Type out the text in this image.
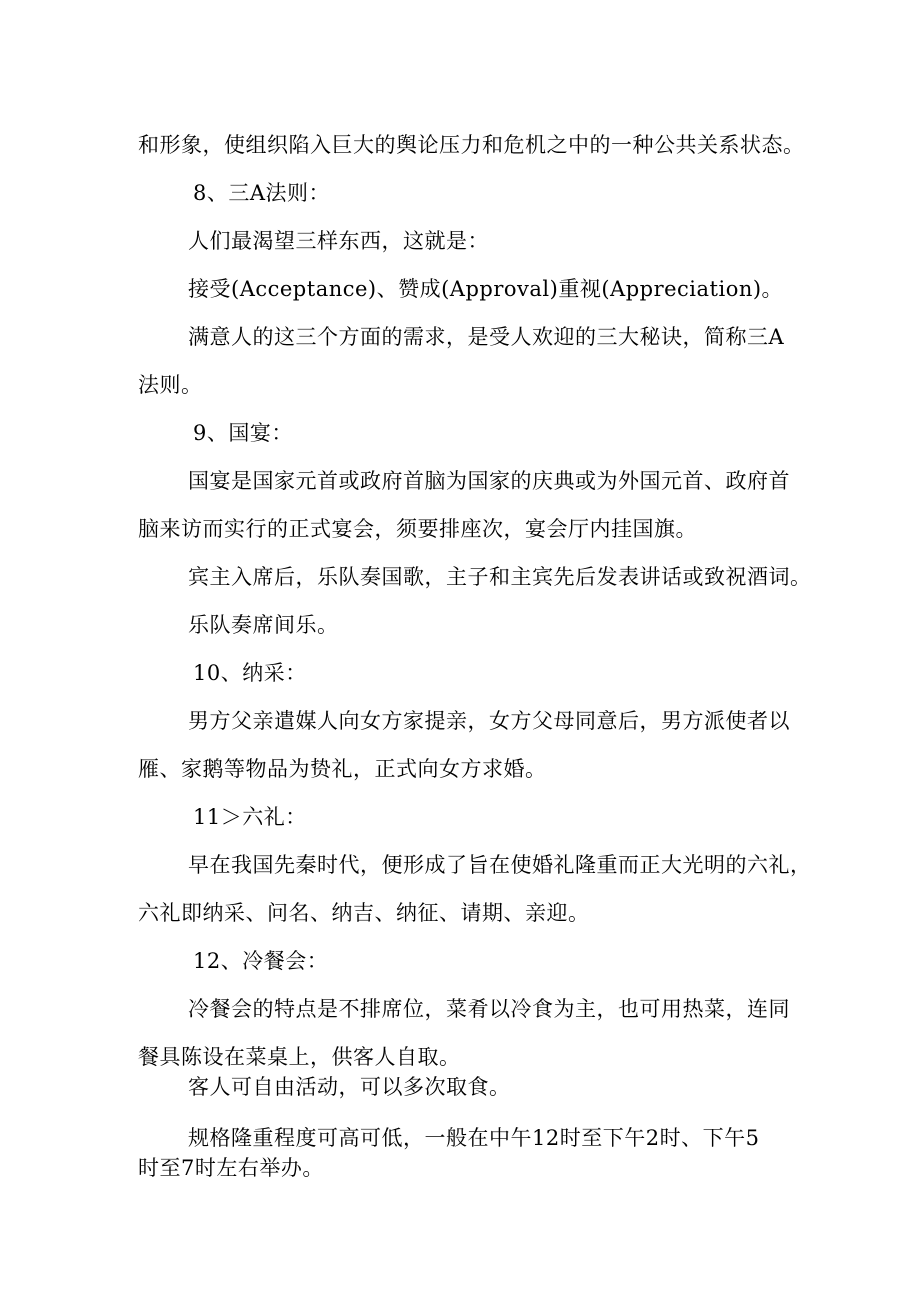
和形象，使组织陷入巨大的舆论压力和危机之中的一种公共关系状态。
8、三A法则：
人们最渴望三样东西，这就是：
接受(Acceptance)、赞成(Approval)重视(Appreciation)。
满意人的这三个方面的需求，是受人欢迎的三大秘诀，简称三A
法则。
9、国宴：
国宴是国家元首或政府首脑为国家的庆典或为外国元首、政府首
脑来访而实行的正式宴会，须要排座次，宴会厅内挂国旗。
宾主入席后，乐队奏国歌，主子和主宾先后发表讲话或致祝酒词。
乐队奏席间乐。
10、纳采：
男方父亲遣媒人向女方家提亲，女方父母同意后，男方派使者以
雁、家鹅等物品为贽礼，正式向女方求婚。
11＞六礼：
早在我国先秦时代，便形成了旨在使婚礼隆重而正大光明的六礼，
六礼即纳采、问名、纳吉、纳征、请期、亲迎。
12、冷餐会：
冷餐会的特点是不排席位，菜肴以冷食为主，也可用热菜，连同
餐具陈设在菜桌上，供客人自取。
客人可自由活动，可以多次取食。
规格隆重程度可高可低，一般在中午12时至下午2时、下午5
时至7时左右举办。
